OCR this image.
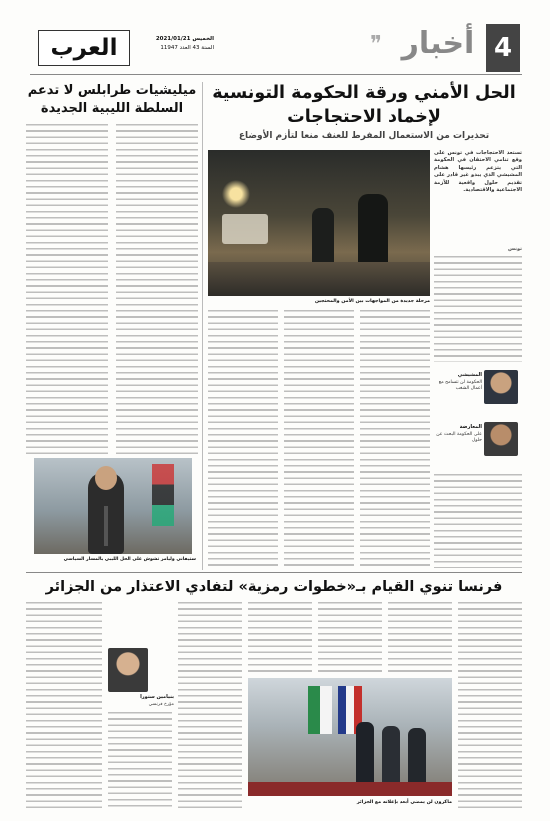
العرب	الخميس 2021/01/21
السنة 43 العدد 11947	❞ أخبار 4
ميليشيات طرابلس لا تدعم
السلطة الليبية الجديدة
ستيفاني وليامز تشوش على الحل الليبي بالمسار السياسي
الحل الأمني ورقة الحكومة التونسية
لإخماد الاحتجاجات
تحذيرات من الاستعمال المفرط للعنف منعا لتأزم الأوضاع
تستعد الاحتجاجات في تونس على وقع تنامي الاحتقان في الحكومة التي يتزعم رئيسها هشام المشيشي الذي يبدو غير قادر على تقديم حلول واقعية للأزمة الاجتماعية والاقتصادية.
تونس
مرحلة جديدة من المواجهات بين الأمن والمحتجين
المشيشي
الحكومة لن تتسامح مع أعمال الشغب
المعارضة
على الحكومة البحث عن حلول
فرنسا تنوي القيام بـ«خطوات رمزية» لتفادي الاعتذار من الجزائر
ماكرون لن يمضي أبعد بإعلانه مع الجزائر
بنيامين ستورا
مؤرخ فرنسي
